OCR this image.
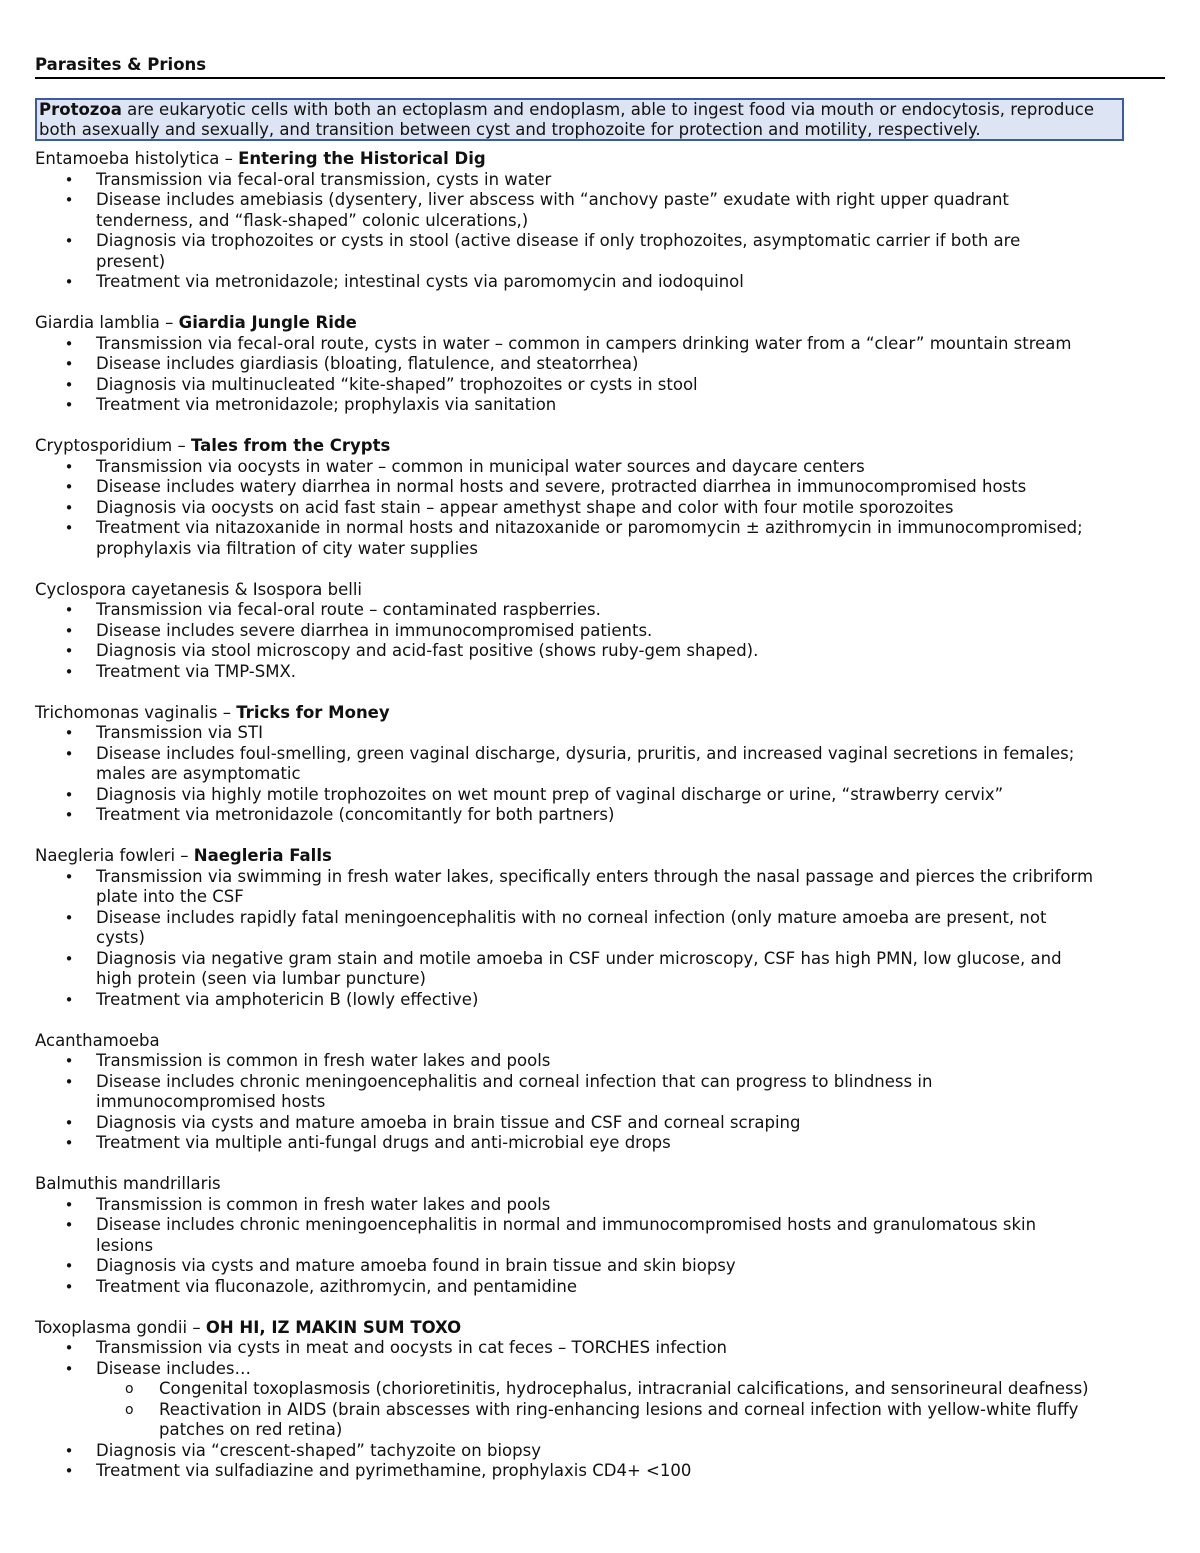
Parasites & Prions
Protozoa are eukaryotic cells with both an ectoplasm and endoplasm, able to ingest food via mouth or endocytosis, reproduce
both asexually and sexually, and transition between cyst and trophozoite for protection and motility, respectively.
Entamoeba histolytica – Entering the Historical Dig
• Transmission via fecal-oral transmission, cysts in water
• Disease includes amebiasis (dysentery, liver abscess with “anchovy paste” exudate with right upper quadrant
tenderness, and “flask-shaped” colonic ulcerations,)
• Diagnosis via trophozoites or cysts in stool (active disease if only trophozoites, asymptomatic carrier if both are
present)
• Treatment via metronidazole; intestinal cysts via paromomycin and iodoquinol
Giardia lamblia – Giardia Jungle Ride
• Transmission via fecal-oral route, cysts in water – common in campers drinking water from a “clear” mountain stream
• Disease includes giardiasis (bloating, flatulence, and steatorrhea)
• Diagnosis via multinucleated “kite-shaped” trophozoites or cysts in stool
• Treatment via metronidazole; prophylaxis via sanitation
Cryptosporidium – Tales from the Crypts
• Transmission via oocysts in water – common in municipal water sources and daycare centers
• Disease includes watery diarrhea in normal hosts and severe, protracted diarrhea in immunocompromised hosts
• Diagnosis via oocysts on acid fast stain – appear amethyst shape and color with four motile sporozoites
• Treatment via nitazoxanide in normal hosts and nitazoxanide or paromomycin ± azithromycin in immunocompromised;
prophylaxis via filtration of city water supplies
Cyclospora cayetanesis & Isospora belli
• Transmission via fecal-oral route – contaminated raspberries.
• Disease includes severe diarrhea in immunocompromised patients.
• Diagnosis via stool microscopy and acid-fast positive (shows ruby-gem shaped).
• Treatment via TMP-SMX.
Trichomonas vaginalis – Tricks for Money
• Transmission via STI
• Disease includes foul-smelling, green vaginal discharge, dysuria, pruritis, and increased vaginal secretions in females;
males are asymptomatic
• Diagnosis via highly motile trophozoites on wet mount prep of vaginal discharge or urine, “strawberry cervix”
• Treatment via metronidazole (concomitantly for both partners)
Naegleria fowleri – Naegleria Falls
• Transmission via swimming in fresh water lakes, specifically enters through the nasal passage and pierces the cribriform
plate into the CSF
• Disease includes rapidly fatal meningoencephalitis with no corneal infection (only mature amoeba are present, not
cysts)
• Diagnosis via negative gram stain and motile amoeba in CSF under microscopy, CSF has high PMN, low glucose, and
high protein (seen via lumbar puncture)
• Treatment via amphotericin B (lowly effective)
Acanthamoeba
• Transmission is common in fresh water lakes and pools
• Disease includes chronic meningoencephalitis and corneal infection that can progress to blindness in
immunocompromised hosts
• Diagnosis via cysts and mature amoeba in brain tissue and CSF and corneal scraping
• Treatment via multiple anti-fungal drugs and anti-microbial eye drops
Balmuthis mandrillaris
• Transmission is common in fresh water lakes and pools
• Disease includes chronic meningoencephalitis in normal and immunocompromised hosts and granulomatous skin
lesions
• Diagnosis via cysts and mature amoeba found in brain tissue and skin biopsy
• Treatment via fluconazole, azithromycin, and pentamidine
Toxoplasma gondii – OH HI, IZ MAKIN SUM TOXO
• Transmission via cysts in meat and oocysts in cat feces – TORCHES infection
• Disease includes…
o Congenital toxoplasmosis (chorioretinitis, hydrocephalus, intracranial calcifications, and sensorineural deafness)
o Reactivation in AIDS (brain abscesses with ring-enhancing lesions and corneal infection with yellow-white fluffy
patches on red retina)
• Diagnosis via “crescent-shaped” tachyzoite on biopsy
• Treatment via sulfadiazine and pyrimethamine, prophylaxis CD4+ <100
